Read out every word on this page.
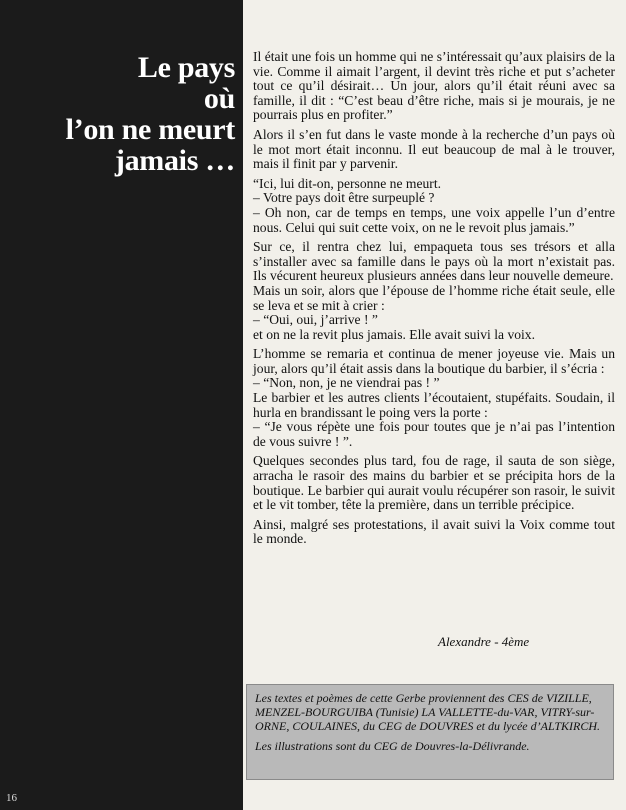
Le pays
où
l’on ne meurt
jamais …
16

Il était une fois un homme qui ne s’intéressait qu’aux plaisirs de la vie. Comme il aimait l’argent, il devint très riche et put s’acheter tout ce qu’il désirait… Un jour, alors qu’il était réuni avec sa famille, il dit : “C’est beau d’être riche, mais si je mourais, je ne pourrais plus en profiter.”

Alors il s’en fut dans le vaste monde à la recherche d’un pays où le mot mort était inconnu. Il eut beaucoup de mal à le trouver, mais il finit par y parvenir.

“Ici, lui dit-on, personne ne meurt.
– Votre pays doit être surpeuplé ?
– Oh non, car de temps en temps, une voix appelle l’un d’entre nous. Celui qui suit cette voix, on ne le revoit plus jamais.”

Sur ce, il rentra chez lui, empaqueta tous ses trésors et alla s’installer avec sa famille dans le pays où la mort n’existait pas. Ils vécurent heureux plusieurs années dans leur nouvelle demeure.
Mais un soir, alors que l’épouse de l’homme riche était seule, elle se leva et se mit à crier :
– “Oui, oui, j’arrive ! ”
et on ne la revit plus jamais. Elle avait suivi la voix.

L’homme se remaria et continua de mener joyeuse vie. Mais un jour, alors qu’il était assis dans la boutique du barbier, il s’écria :
– “Non, non, je ne viendrai pas ! ”
Le barbier et les autres clients l’écoutaient, stupéfaits. Soudain, il hurla en brandissant le poing vers la porte :
– “Je vous répète une fois pour toutes que je n’ai pas l’intention de vous suivre ! ”.

Quelques secondes plus tard, fou de rage, il sauta de son siège, arracha le rasoir des mains du barbier et se précipita hors de la boutique. Le barbier qui aurait voulu récupérer son rasoir, le suivit et le vit tomber, tête la première, dans un terrible précipice.

Ainsi, malgré ses protestations, il avait suivi la Voix comme tout le monde.

Alexandre - 4ème

Les textes et poèmes de cette Gerbe proviennent des CES de VIZILLE, MENZEL-BOURGUIBA (Tunisie) LA VALLETTE-du-VAR, VITRY-sur-ORNE, COULAINES, du CEG de DOUVRES et du lycée d’ALTKIRCH.

Les illustrations sont du CEG de Douvres-la-Délivrande.
